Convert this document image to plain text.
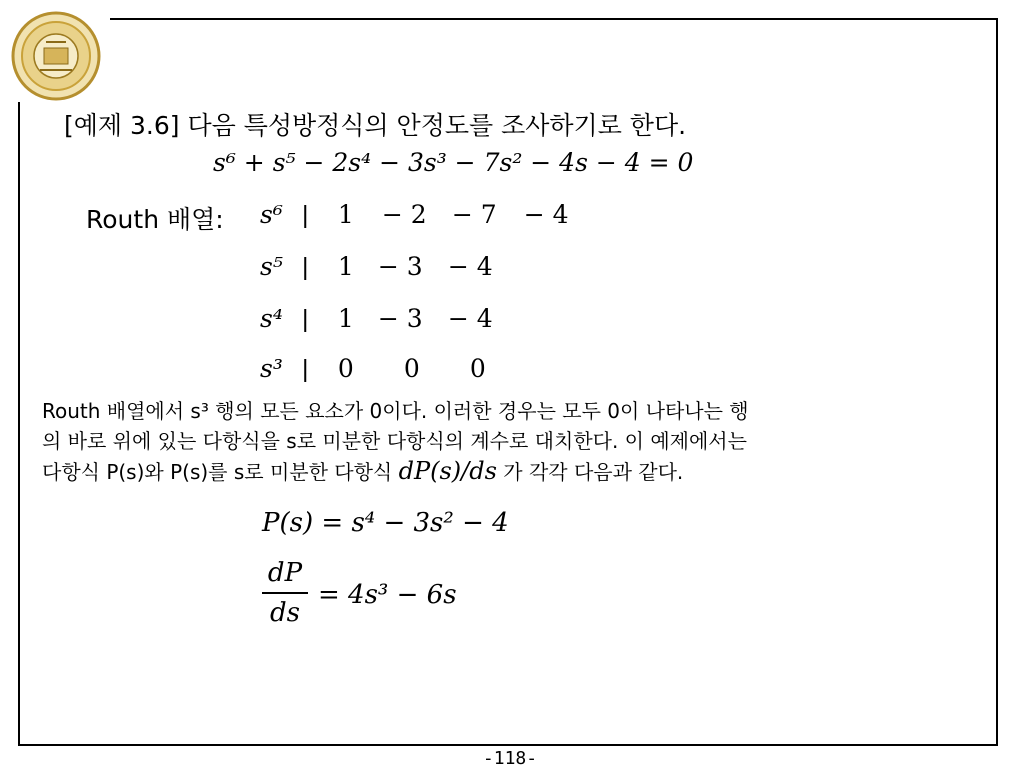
[예제 3.6] 다음 특성방정식의 안정도를 조사하기로 한다.
s⁶ + s⁵ − 2s⁴ − 3s³ − 7s² − 4s − 4 = 0
Routh 배열: s⁶ | 1 − 2 − 7 − 4
s⁵ | 1 − 3 − 4
s⁴ | 1 − 3 − 4
s³ | 0 0 0

Routh 배열에서 s³ 행의 모든 요소가 0이다. 이러한 경우는 모두 0이 나타나는 행

의 바로 위에 있는 다항식을 s로 미분한 다항식의 계수로 대치한다. 이 예제에서는

다항식 P(s)와 P(s)를 s로 미분한 다항식 dP(s)/ds 가 각각 다음과 같다.

P(s) = s⁴ − 3s² − 4
dP
ds
= 4s³ − 6s
-118-
